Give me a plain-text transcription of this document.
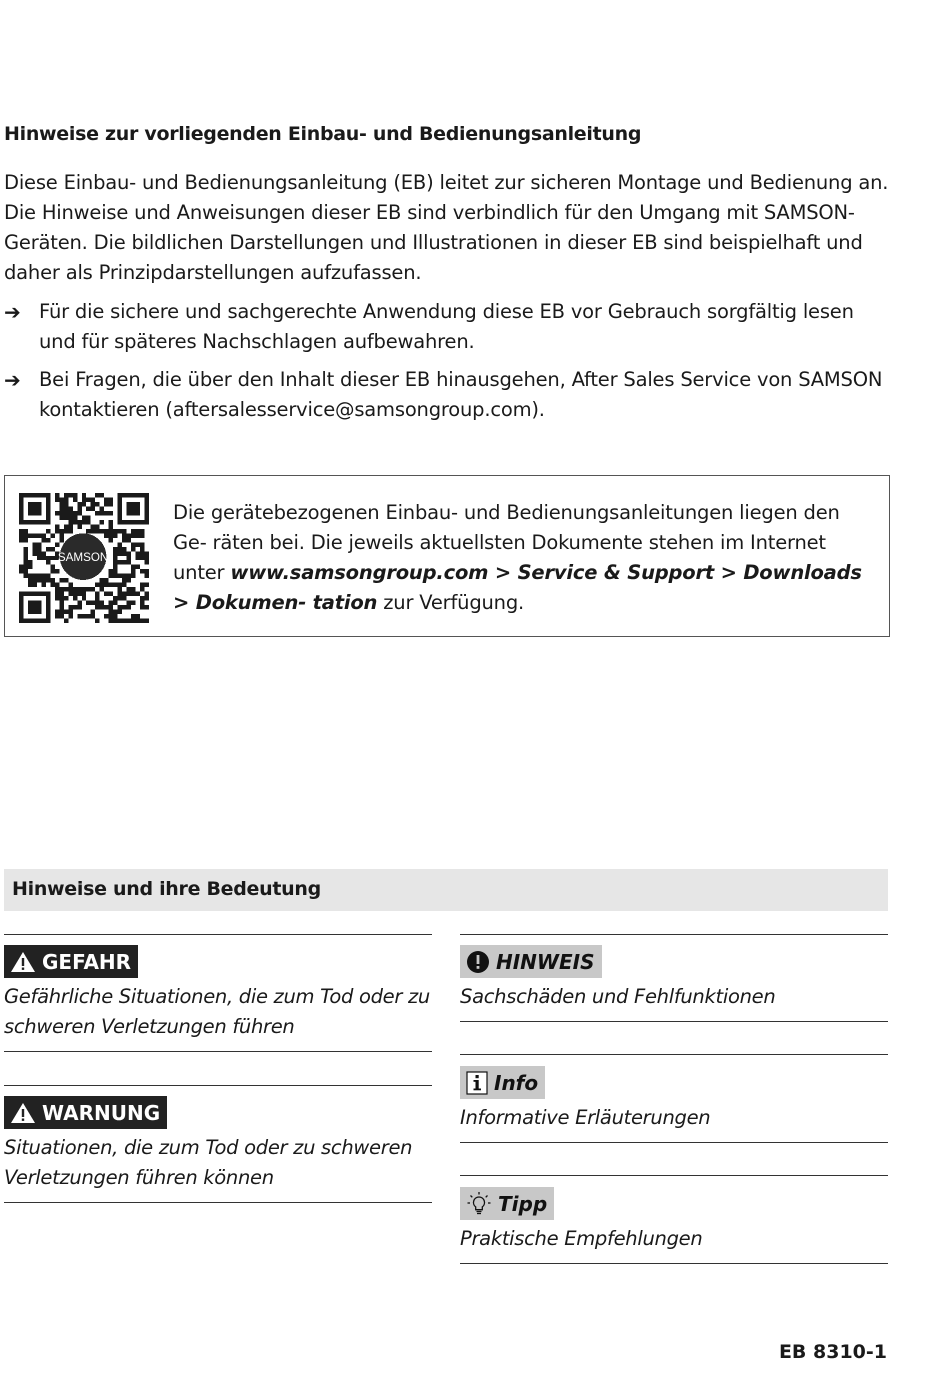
Hinweise zur vorliegenden Einbau- und Bedienungsanleitung

Diese Einbau- und Bedienungsanleitung (EB) leitet zur sicheren Montage und Bedienung an. Die Hinweise und Anweisungen dieser EB sind verbindlich für den Umgang mit SAMSON-Geräten. Die bildlichen Darstellungen und Illustrationen in dieser EB sind beispielhaft und daher als Prinzipdarstellungen aufzufassen.

➔ Für die sichere und sachgerechte Anwendung diese EB vor Gebrauch sorgfältig lesen und für späteres Nachschlagen aufbewahren.
➔ Bei Fragen, die über den Inhalt dieser EB hinausgehen, After Sales Service von SAMSON kontaktieren (aftersalesservice@samsongroup.com).
SAMSON
Die gerätebezogenen Einbau- und Bedienungsanleitungen liegen den Ge- räten bei. Die jeweils aktuellsten Dokumente stehen im Internet unter www.samsongroup.com > Service & Support > Downloads > Dokumen- tation zur Verfügung.
Hinweise und ihre Bedeutung
GEFAHR
Gefährliche Situationen, die zum Tod oder zu
schweren Verletzungen führen
WARNUNG
Situationen, die zum Tod oder zu schweren
Verletzungen führen können
HINWEIS
Sachschäden und Fehlfunktionen
Info
Informative Erläuterungen
Tipp
Praktische Empfehlungen
EB 8310-1
